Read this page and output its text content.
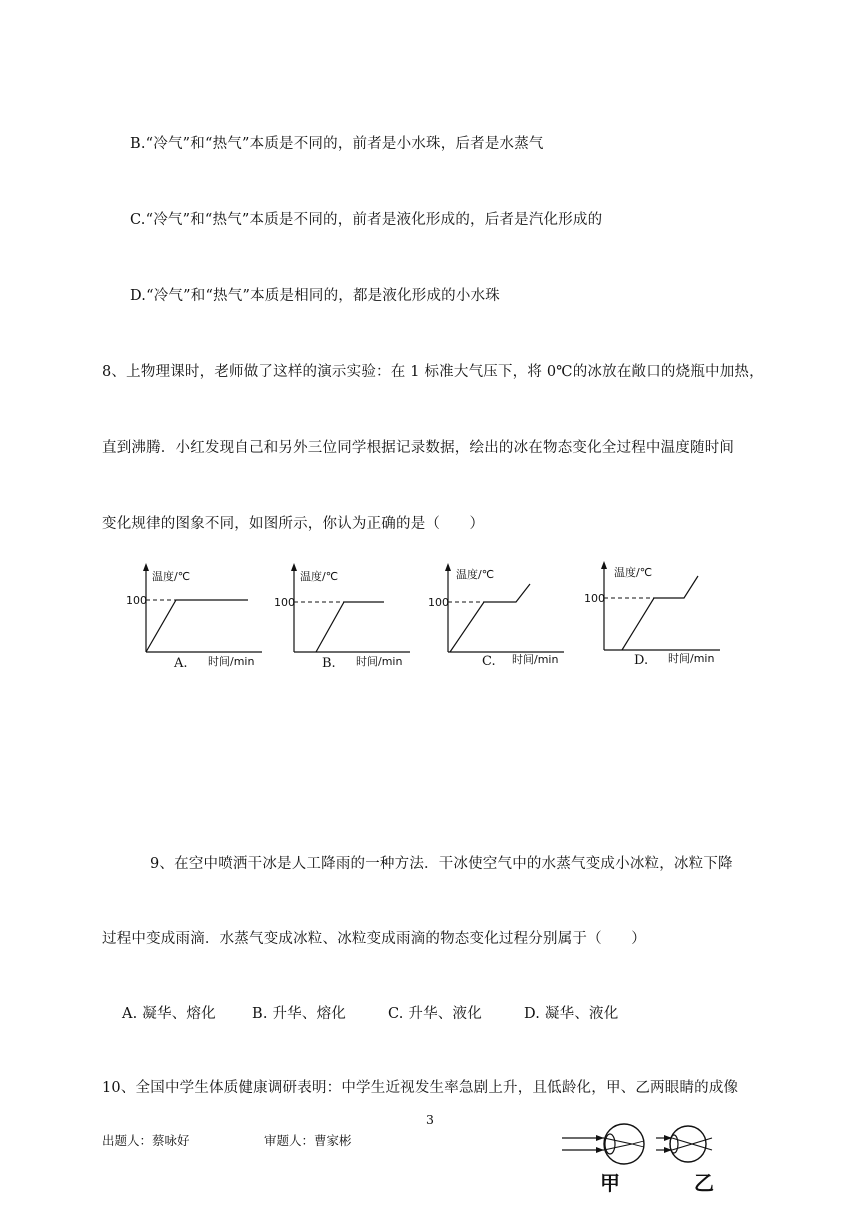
B.“冷气”和“热气”本质是不同的，前者是小水珠，后者是水蒸气
C.“冷气”和“热气”本质是不同的，前者是液化形成的，后者是汽化形成的
D.“冷气”和“热气”本质是相同的，都是液化形成的小水珠
8、上物理课时，老师做了这样的演示实验：在 1 标准大气压下，将 0℃的冰放在敞口的烧瓶中加热，
直到沸腾．小红发现自己和另外三位同学根据记录数据，绘出的冰在物态变化全过程中温度随时间
变化规律的图象不同，如图所示，你认为正确的是（　　）
温度/℃
100
A. 时间/min
温度/℃
100
B. 时间/min
温度/℃
100
C. 时间/min
温度/℃
100
D. 时间/min
9、在空中喷洒干冰是人工降雨的一种方法．干冰使空气中的水蒸气变成小冰粒，冰粒下降
过程中变成雨滴．水蒸气变成冰粒、冰粒变成雨滴的物态变化过程分别属于（　　）
A. 凝华、熔化 B. 升华、熔化	C. 升华、液化	D. 凝华、液化
10、全国中学生体质健康调研表明：中学生近视发生率急剧上升，且低龄化，甲、乙两眼睛的成像
3
出题人：蔡咏好	审题人：曹家彬
甲	乙
